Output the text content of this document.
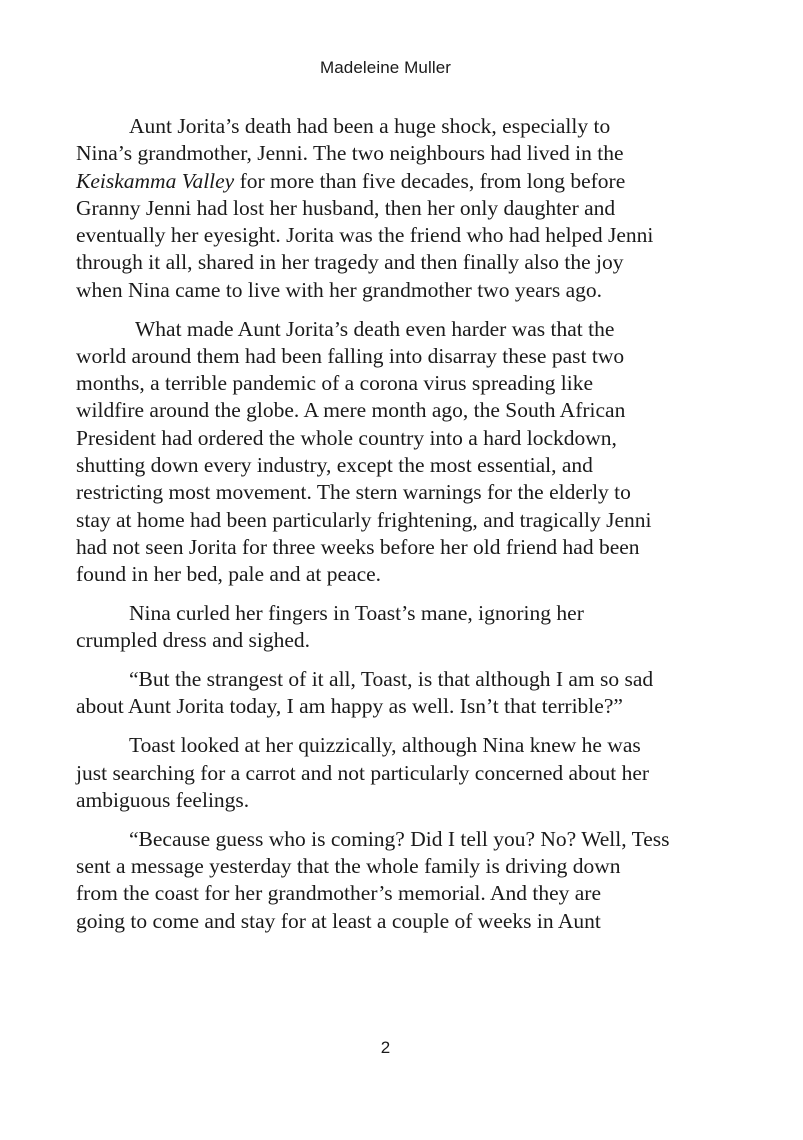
Madeleine Muller

Aunt Jorita’s death had been a huge shock, especially to
Nina’s grandmother, Jenni. The two neighbours had lived in the
Keiskamma Valley for more than five decades, from long before
Granny Jenni had lost her husband, then her only daughter and
eventually her eyesight. Jorita was the friend who had helped Jenni
through it all, shared in her tragedy and then finally also the joy
when Nina came to live with her grandmother two years ago.

What made Aunt Jorita’s death even harder was that the
world around them had been falling into disarray these past two
months, a terrible pandemic of a corona virus spreading like
wildfire around the globe. A mere month ago, the South African
President had ordered the whole country into a hard lockdown,
shutting down every industry, except the most essential, and
restricting most movement. The stern warnings for the elderly to
stay at home had been particularly frightening, and tragically Jenni
had not seen Jorita for three weeks before her old friend had been
found in her bed, pale and at peace.

Nina curled her fingers in Toast’s mane, ignoring her
crumpled dress and sighed.

“But the strangest of it all, Toast, is that although I am so sad
about Aunt Jorita today, I am happy as well. Isn’t that terrible?”

Toast looked at her quizzically, although Nina knew he was
just searching for a carrot and not particularly concerned about her
ambiguous feelings.

“Because guess who is coming? Did I tell you? No? Well, Tess
sent a message yesterday that the whole family is driving down
from the coast for her grandmother’s memorial. And they are
going to come and stay for at least a couple of weeks in Aunt

2
